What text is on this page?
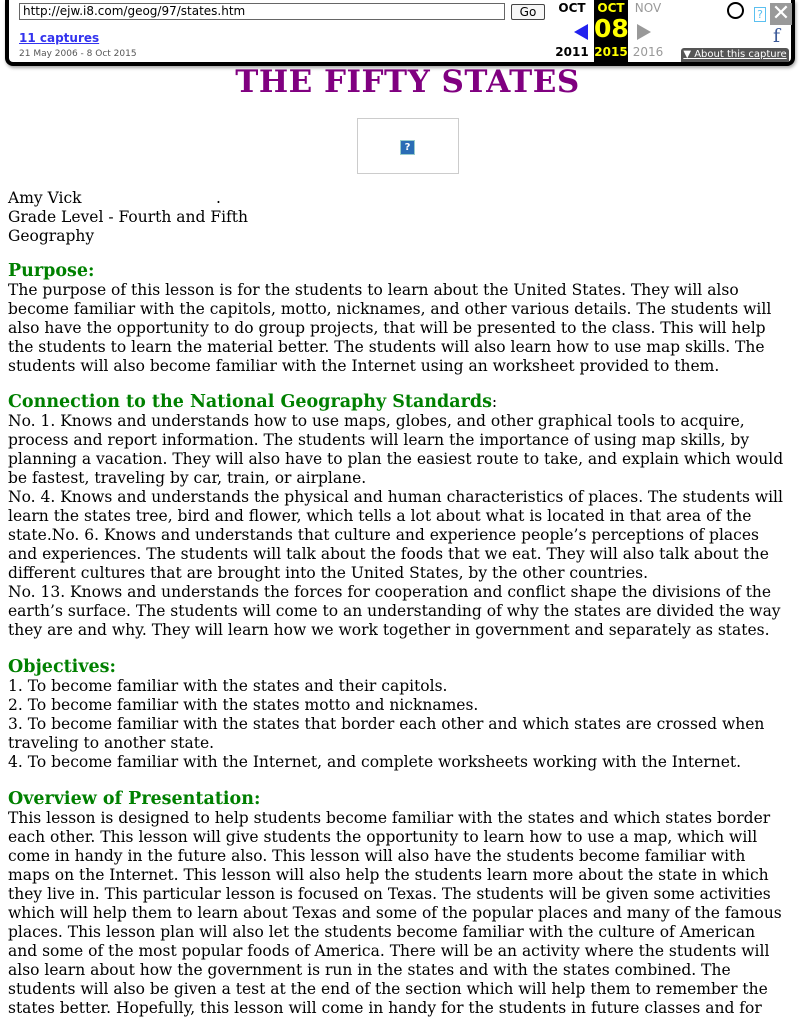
http://ejw.i8.com/geog/97/states.htm	Go
11 captures
21 May 2006 - 8 Oct 2015
OCT
2011
OCT
08
2015
NOV
2016
? ✕
f
▼ About this capture
THE FIFTY STATES
?
Amy Vick	.
Grade Level - Fourth and Fifth
Geography
Purpose:
The purpose of this lesson is for the students to learn about the United States. They will also
become familiar with the capitols, motto, nicknames, and other various details. The students will
also have the opportunity to do group projects, that will be presented to the class. This will help
the students to learn the material better. The students will also learn how to use map skills. The
students will also become familiar with the Internet using an worksheet provided to them.
Connection to the National Geography Standards:
No. 1. Knows and understands how to use maps, globes, and other graphical tools to acquire,
process and report information. The students will learn the importance of using map skills, by
planning a vacation. They will also have to plan the easiest route to take, and explain which would
be fastest, traveling by car, train, or airplane.
No. 4. Knows and understands the physical and human characteristics of places. The students will
learn the states tree, bird and flower, which tells a lot about what is located in that area of the
state.No. 6. Knows and understands that culture and experience people’s perceptions of places
and experiences. The students will talk about the foods that we eat. They will also talk about the
different cultures that are brought into the United States, by the other countries.
No. 13. Knows and understands the forces for cooperation and conflict shape the divisions of the
earth’s surface. The students will come to an understanding of why the states are divided the way
they are and why. They will learn how we work together in government and separately as states.
Objectives:
1. To become familiar with the states and their capitols.
2. To become familiar with the states motto and nicknames.
3. To become familiar with the states that border each other and which states are crossed when
traveling to another state.
4. To become familiar with the Internet, and complete worksheets working with the Internet.
Overview of Presentation:
This lesson is designed to help students become familiar with the states and which states border
each other. This lesson will give students the opportunity to learn how to use a map, which will
come in handy in the future also. This lesson will also have the students become familiar with
maps on the Internet. This lesson will also help the students learn more about the state in which
they live in. This particular lesson is focused on Texas. The students will be given some activities
which will help them to learn about Texas and some of the popular places and many of the famous
places. This lesson plan will also let the students become familiar with the culture of American
and some of the most popular foods of America. There will be an activity where the students will
also learn about how the government is run in the states and with the states combined. The
students will also be given a test at the end of the section which will help them to remember the
states better. Hopefully, this lesson will come in handy for the students in future classes and for
